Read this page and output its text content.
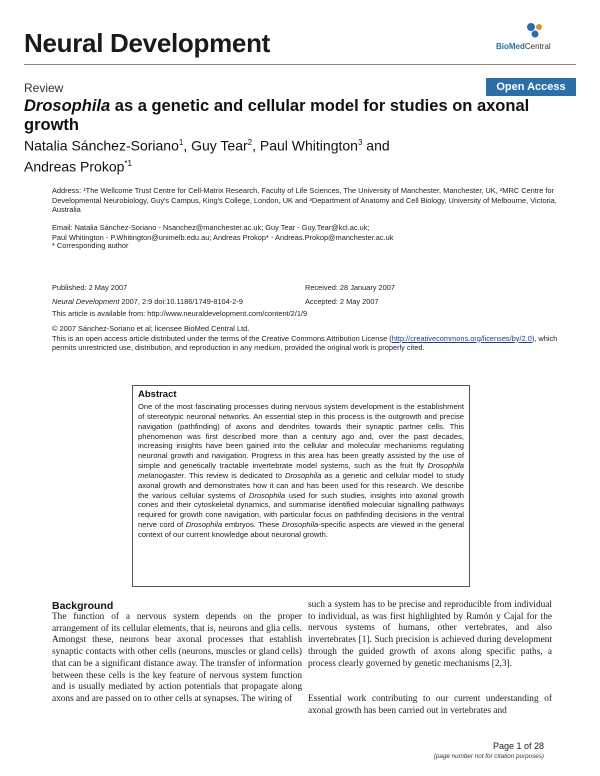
Neural Development	BioMedCentral
Review	Open Access
Drosophila as a genetic and cellular model for studies on axonal growth
Natalia Sánchez-Soriano$^1$, Guy Tear$^2$, Paul Whitington$^3$ and
Andreas Prokop$^{*1}$
Address: ¹The Wellcome Trust Centre for Cell-Matrix Research, Faculty of Life Sciences, The University of Manchester, Manchester, UK, ²MRC Centre for Developmental Neurobiology, Guy's Campus, King's College, London, UK and ³Department of Anatomy and Cell Biology, University of Melbourne, Victoria, Australia
Email: Natalia Sánchez-Soriano - Nsanchez@manchester.ac.uk; Guy Tear - Guy.Tear@kcl.ac.uk;
Paul Whitington - P.Whitington@unimelb.edu.au; Andreas Prokop* - Andreas.Prokop@manchester.ac.uk
* Corresponding author
Published: 2 May 2007
Neural Development 2007, 2:9 doi:10.1186/1749-8104-2-9
Received: 28 January 2007
Accepted: 2 May 2007
This article is available from: http://www.neuraldevelopment.com/content/2/1/9
© 2007 Sánchez-Soriano et al; licensee BioMed Central Ltd.
This is an open access article distributed under the terms of the Creative Commons Attribution License (http://creativecommons.org/licenses/by/2.0), which permits unrestricted use, distribution, and reproduction in any medium, provided the original work is properly cited.
Abstract
One of the most fascinating processes during nervous system development is the establishment of stereotypic neuronal networks. An essential step in this process is the outgrowth and precise navigation (pathfinding) of axons and dendrites towards their synaptic partner cells. This phenomenon was first described more than a century ago and, over the past decades, increasing insights have been gained into the cellular and molecular mechanisms regulating neuronal growth and navigation. Progress in this area has been greatly assisted by the use of simple and genetically tractable invertebrate model systems, such as the fruit fly Drosophila melanogaster. This review is dedicated to Drosophila as a genetic and cellular model to study axonal growth and demonstrates how it can and has been used for this research. We describe the various cellular systems of Drosophila used for such studies, insights into axonal growth cones and their cytoskeletal dynamics, and summarise identified molecular signalling pathways required for growth cone navigation, with particular focus on pathfinding decisions in the ventral nerve cord of Drosophila embryos. These Drosophila-specific aspects are viewed in the general context of our current knowledge about neuronal growth.
Background
The function of a nervous system depends on the proper arrangement of its cellular elements, that is, neurons and glia cells. Amongst these, neurons bear axonal processes that establish synaptic contacts with other cells (neurons, muscles or gland cells) that can be a significant distance away. The transfer of information between these cells is the key feature of nervous system function and is usually mediated by action potentials that propagate along axons and are passed on to other cells at synapses. The wiring of
such a system has to be precise and reproducible from individual to individual, as was first highlighted by Ramón y Cajal for the nervous systems of humans, other vertebrates, and also invertebrates [1]. Such precision is achieved during development through the guided growth of axons along specific paths, a process clearly governed by genetic mechanisms [2,3].
Essential work contributing to our current understanding of axonal growth has been carried out in vertebrates and
Page 1 of 28
(page number not for citation purposes)
